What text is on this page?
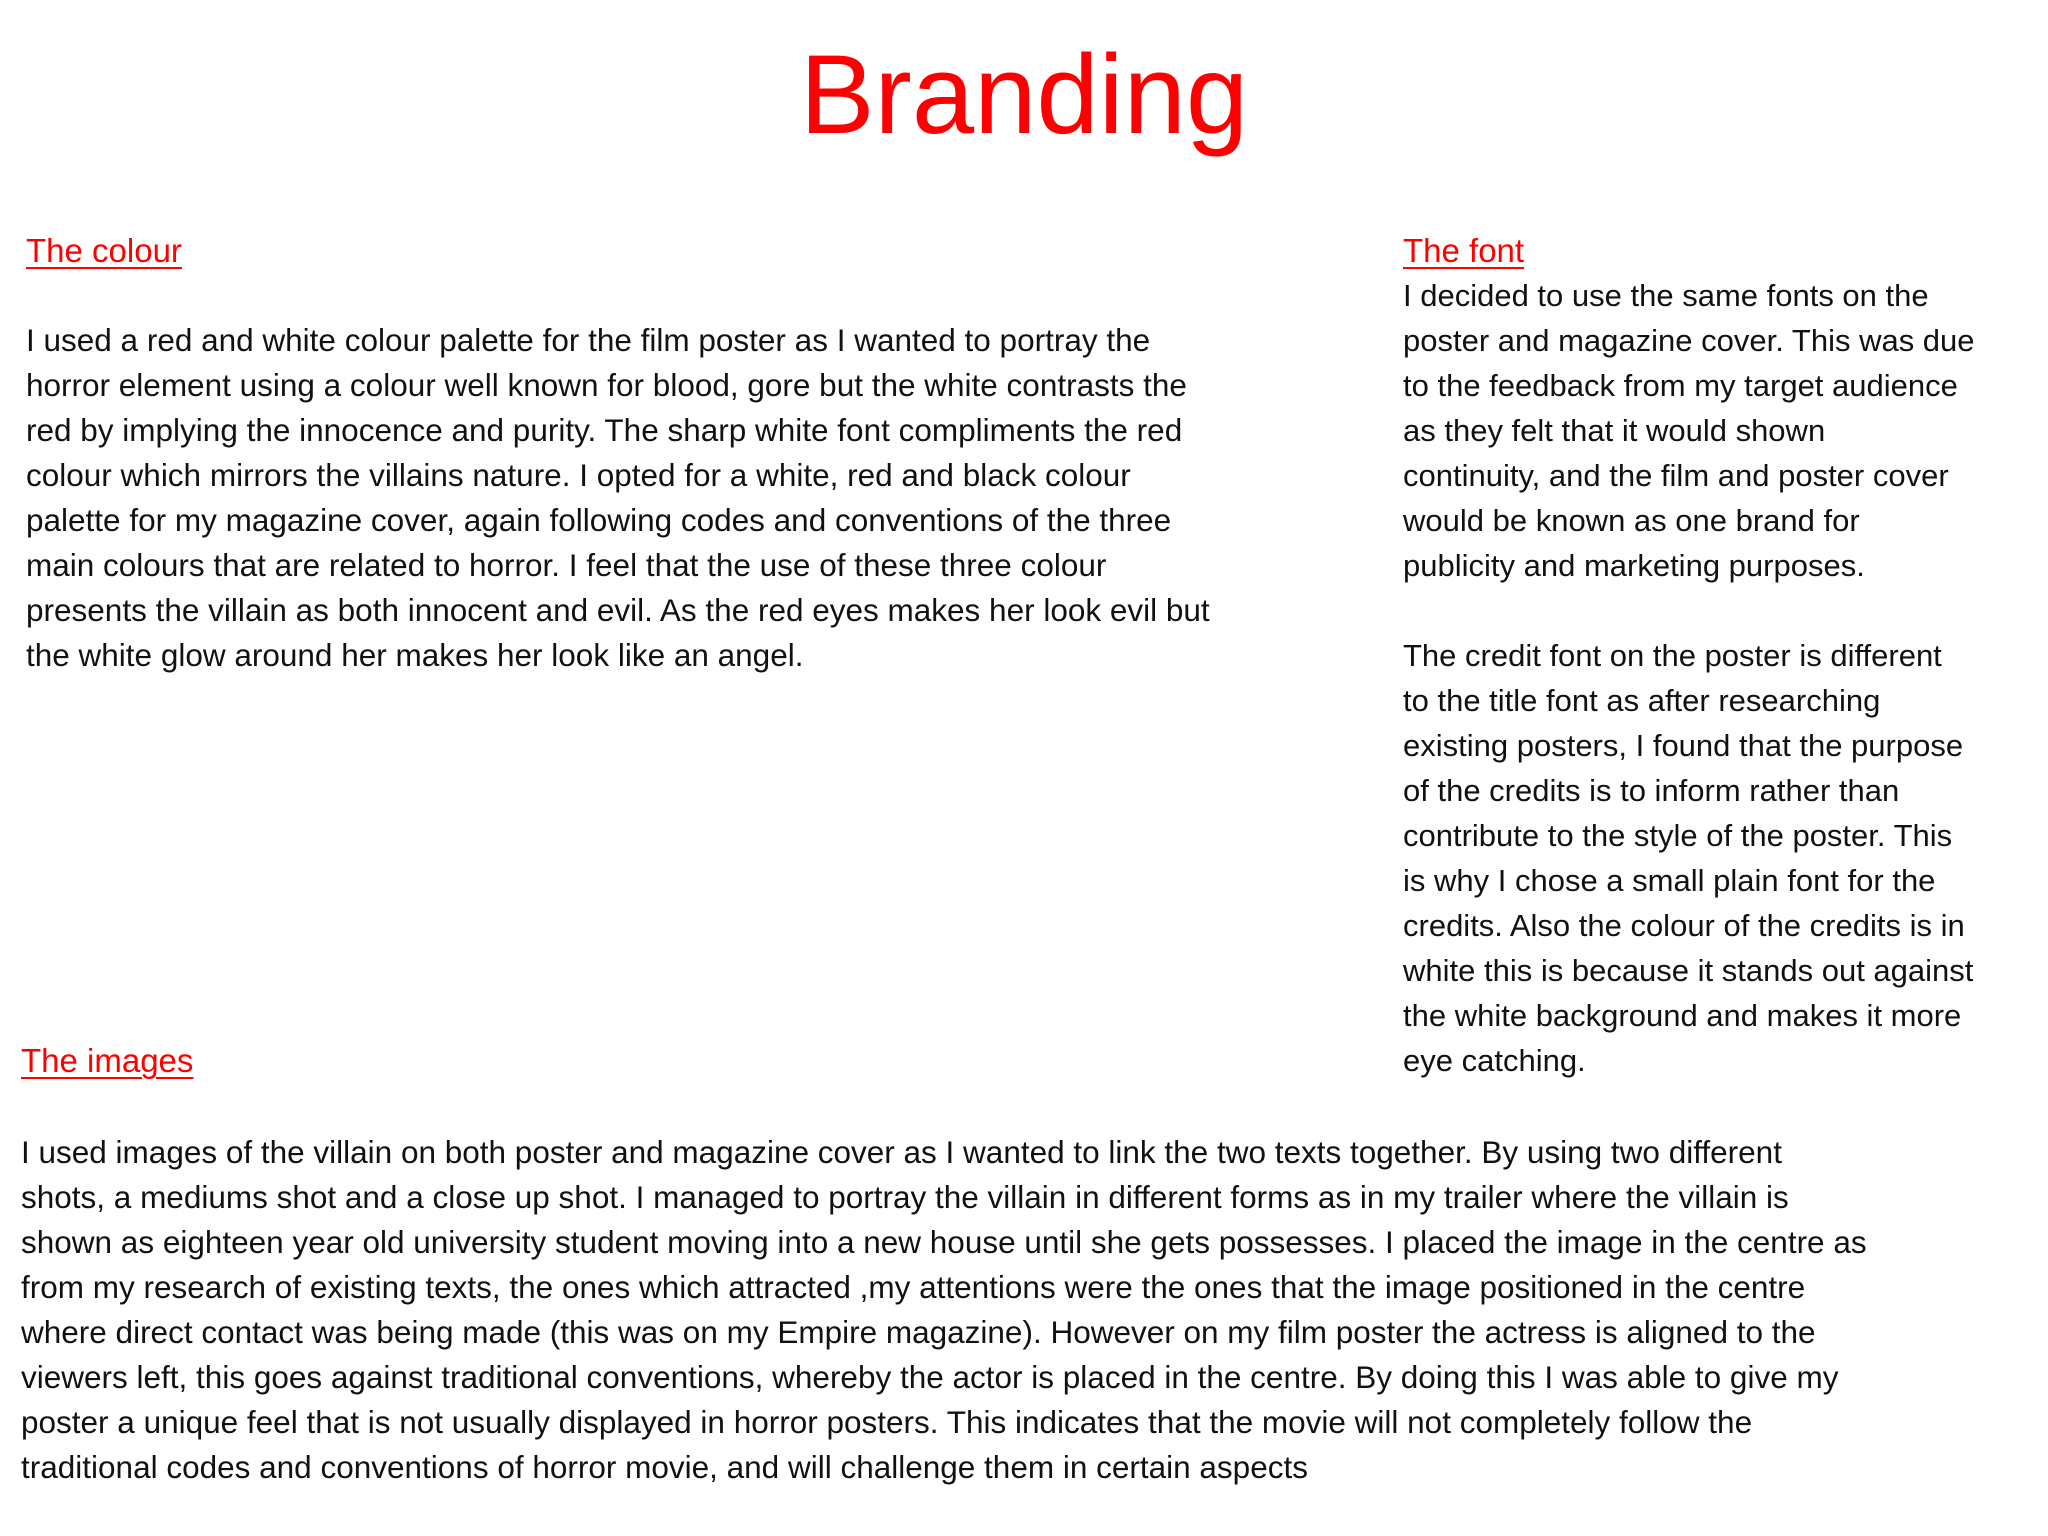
Branding
The colour

I used a red and white colour palette for the film poster as I wanted to portray the
horror element using a colour well known for blood, gore but the white contrasts the
red by implying the innocence and purity. The sharp white font compliments the red
colour which mirrors the villains nature. I opted for a white, red and black colour
palette for my magazine cover, again following codes and conventions of the three
main colours that are related to horror. I feel that the use of these three colour
presents the villain as both innocent and evil. As the red eyes makes her look evil but
the white glow around her makes her look like an angel.

The font

I decided to use the same fonts on the
poster and magazine cover. This was due
to the feedback from my target audience
as they felt that it would shown
continuity, and the film and poster cover
would be known as one brand for
publicity and marketing purposes.

The credit font on the poster is different
to the title font as after researching
existing posters, I found that the purpose
of the credits is to inform rather than
contribute to the style of the poster. This
is why I chose a small plain font for the
credits. Also the colour of the credits is in
white this is because it stands out against
the white background and makes it more
eye catching.

The images

I used images of the villain on both poster and magazine cover as I wanted to link the two texts together. By using two different
shots, a mediums shot and a close up shot. I managed to portray the villain in different forms as in my trailer where the villain is
shown as eighteen year old university student moving into a new house until she gets possesses. I placed the image in the centre as
from my research of existing texts, the ones which attracted ,my attentions were the ones that the image positioned in the centre
where direct contact was being made (this was on my Empire magazine). However on my film poster the actress is aligned to the
viewers left, this goes against traditional conventions, whereby the actor is placed in the centre. By doing this I was able to give my
poster a unique feel that is not usually displayed in horror posters. This indicates that the movie will not completely follow the
traditional codes and conventions of horror movie, and will challenge them in certain aspects
